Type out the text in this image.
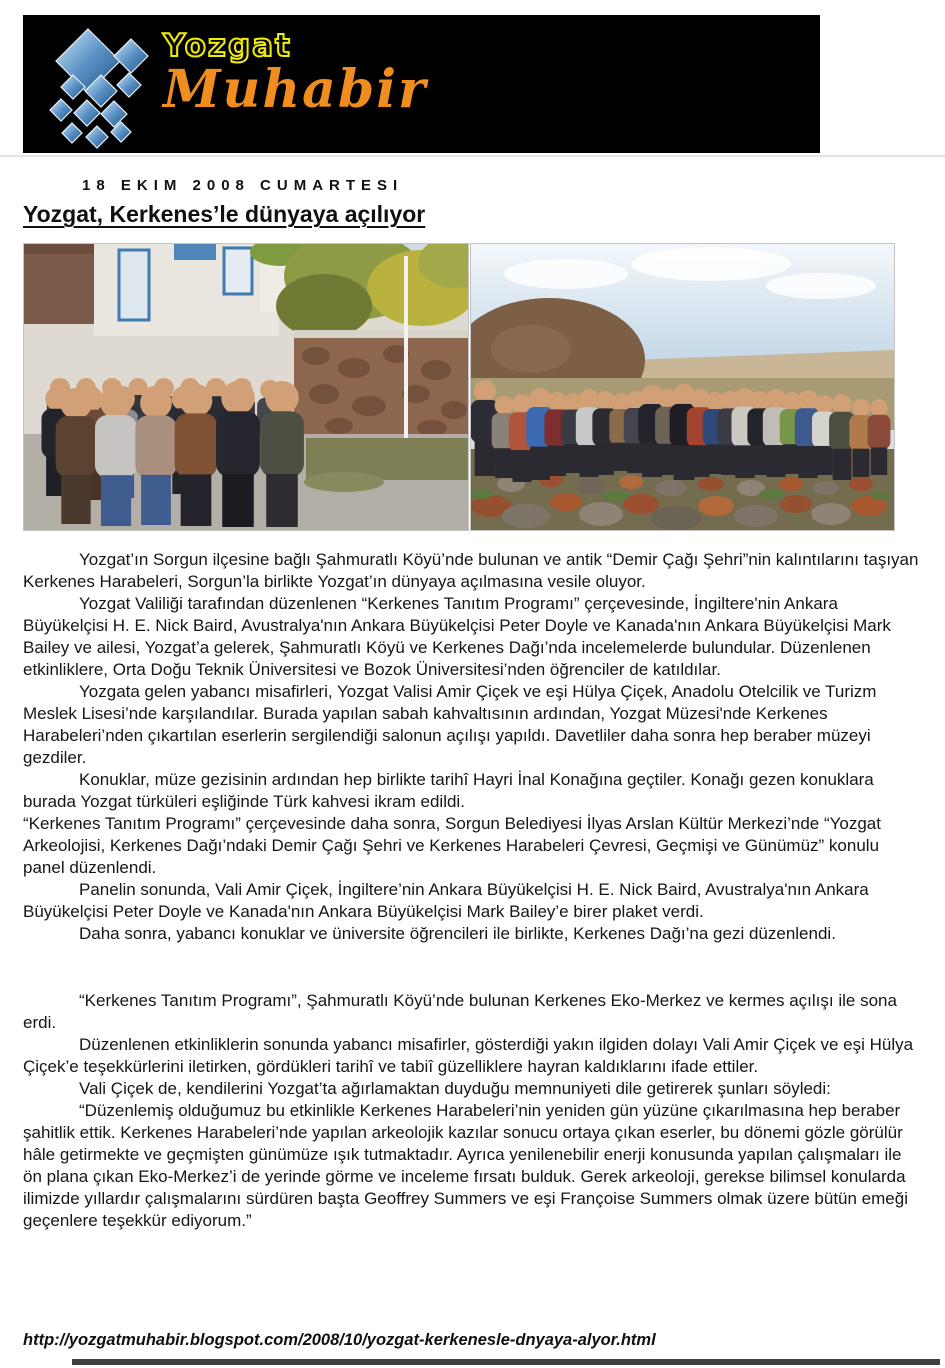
Yozgat
Muhabir
18 EKIM 2008 CUMARTESI
Yozgat, Kerkenes’le dünyaya açılıyor

Yozgat’ın Sorgun ilçesine bağlı Şahmuratlı Köyü’nde bulunan ve antik “Demir Çağı Şehri”nin kalıntılarını taşıyan Kerkenes Harabeleri, Sorgun’la birlikte Yozgat’ın dünyaya açılmasına vesile oluyor.

Yozgat Valiliği tarafından düzenlenen “Kerkenes Tanıtım Programı” çerçevesinde, İngiltere'nin Ankara Büyükelçisi H. E. Nick Baird, Avustralya'nın Ankara Büyükelçisi Peter Doyle ve Kanada'nın Ankara Büyükelçisi Mark Bailey ve ailesi, Yozgat’a gelerek, Şahmuratlı Köyü ve Kerkenes Dağı’nda incelemelerde bulundular. Düzenlenen etkinliklere, Orta Doğu Teknik Üniversitesi ve Bozok Üniversitesi’nden öğrenciler de katıldılar.

Yozgata gelen yabancı misafirleri, Yozgat Valisi Amir Çiçek ve eşi Hülya Çiçek, Anadolu Otelcilik ve Turizm Meslek Lisesi’nde karşılandılar. Burada yapılan sabah kahvaltısının ardından, Yozgat Müzesi'nde Kerkenes Harabeleri’nden çıkartılan eserlerin sergilendiği salonun açılışı yapıldı. Davetliler daha sonra hep beraber müzeyi gezdiler.

Konuklar, müze gezisinin ardından hep birlikte tarihî Hayri İnal Konağına geçtiler. Konağı gezen konuklara burada Yozgat türküleri eşliğinde Türk kahvesi ikram edildi.

“Kerkenes Tanıtım Programı” çerçevesinde daha sonra, Sorgun Belediyesi İlyas Arslan Kültür Merkezi’nde “Yozgat Arkeolojisi, Kerkenes Dağı’ndaki Demir Çağı Şehri ve Kerkenes Harabeleri Çevresi, Geçmişi ve Günümüz” konulu panel düzenlendi.

Panelin sonunda, Vali Amir Çiçek, İngiltere’nin Ankara Büyükelçisi H. E. Nick Baird, Avustralya'nın Ankara Büyükelçisi Peter Doyle ve Kanada'nın Ankara Büyükelçisi Mark Bailey’e birer plaket verdi.

Daha sonra, yabancı konuklar ve üniversite öğrencileri ile birlikte, Kerkenes Dağı’na gezi düzenlendi.

“Kerkenes Tanıtım Programı”, Şahmuratlı Köyü’nde bulunan Kerkenes Eko-Merkez ve kermes açılışı ile sona erdi.

Düzenlenen etkinliklerin sonunda yabancı misafirler, gösterdiği yakın ilgiden dolayı Vali Amir Çiçek ve eşi Hülya Çiçek’e teşekkürlerini iletirken, gördükleri tarihî ve tabiî güzelliklere hayran kaldıklarını ifade ettiler.

Vali Çiçek de, kendilerini Yozgat’ta ağırlamaktan duyduğu memnuniyeti dile getirerek şunları söyledi:

“Düzenlemiş olduğumuz bu etkinlikle Kerkenes Harabeleri’nin yeniden gün yüzüne çıkarılmasına hep beraber şahitlik ettik. Kerkenes Harabeleri’nde yapılan arkeolojik kazılar sonucu ortaya çıkan eserler, bu dönemi gözle görülür hâle getirmekte ve geçmişten günümüze ışık tutmaktadır. Ayrıca yenilenebilir enerji konusunda yapılan çalışmaları ile ön plana çıkan Eko-Merkez’i de yerinde görme ve inceleme fırsatı bulduk. Gerek arkeoloji, gerekse bilimsel konularda ilimizde yıllardır çalışmalarını sürdüren başta Geoffrey Summers ve eşi Françoise Summers olmak üzere bütün emeği geçenlere teşekkür ediyorum.”

http://yozgatmuhabir.blogspot.com/2008/10/yozgat-kerkenesle-dnyaya-alyor.html
